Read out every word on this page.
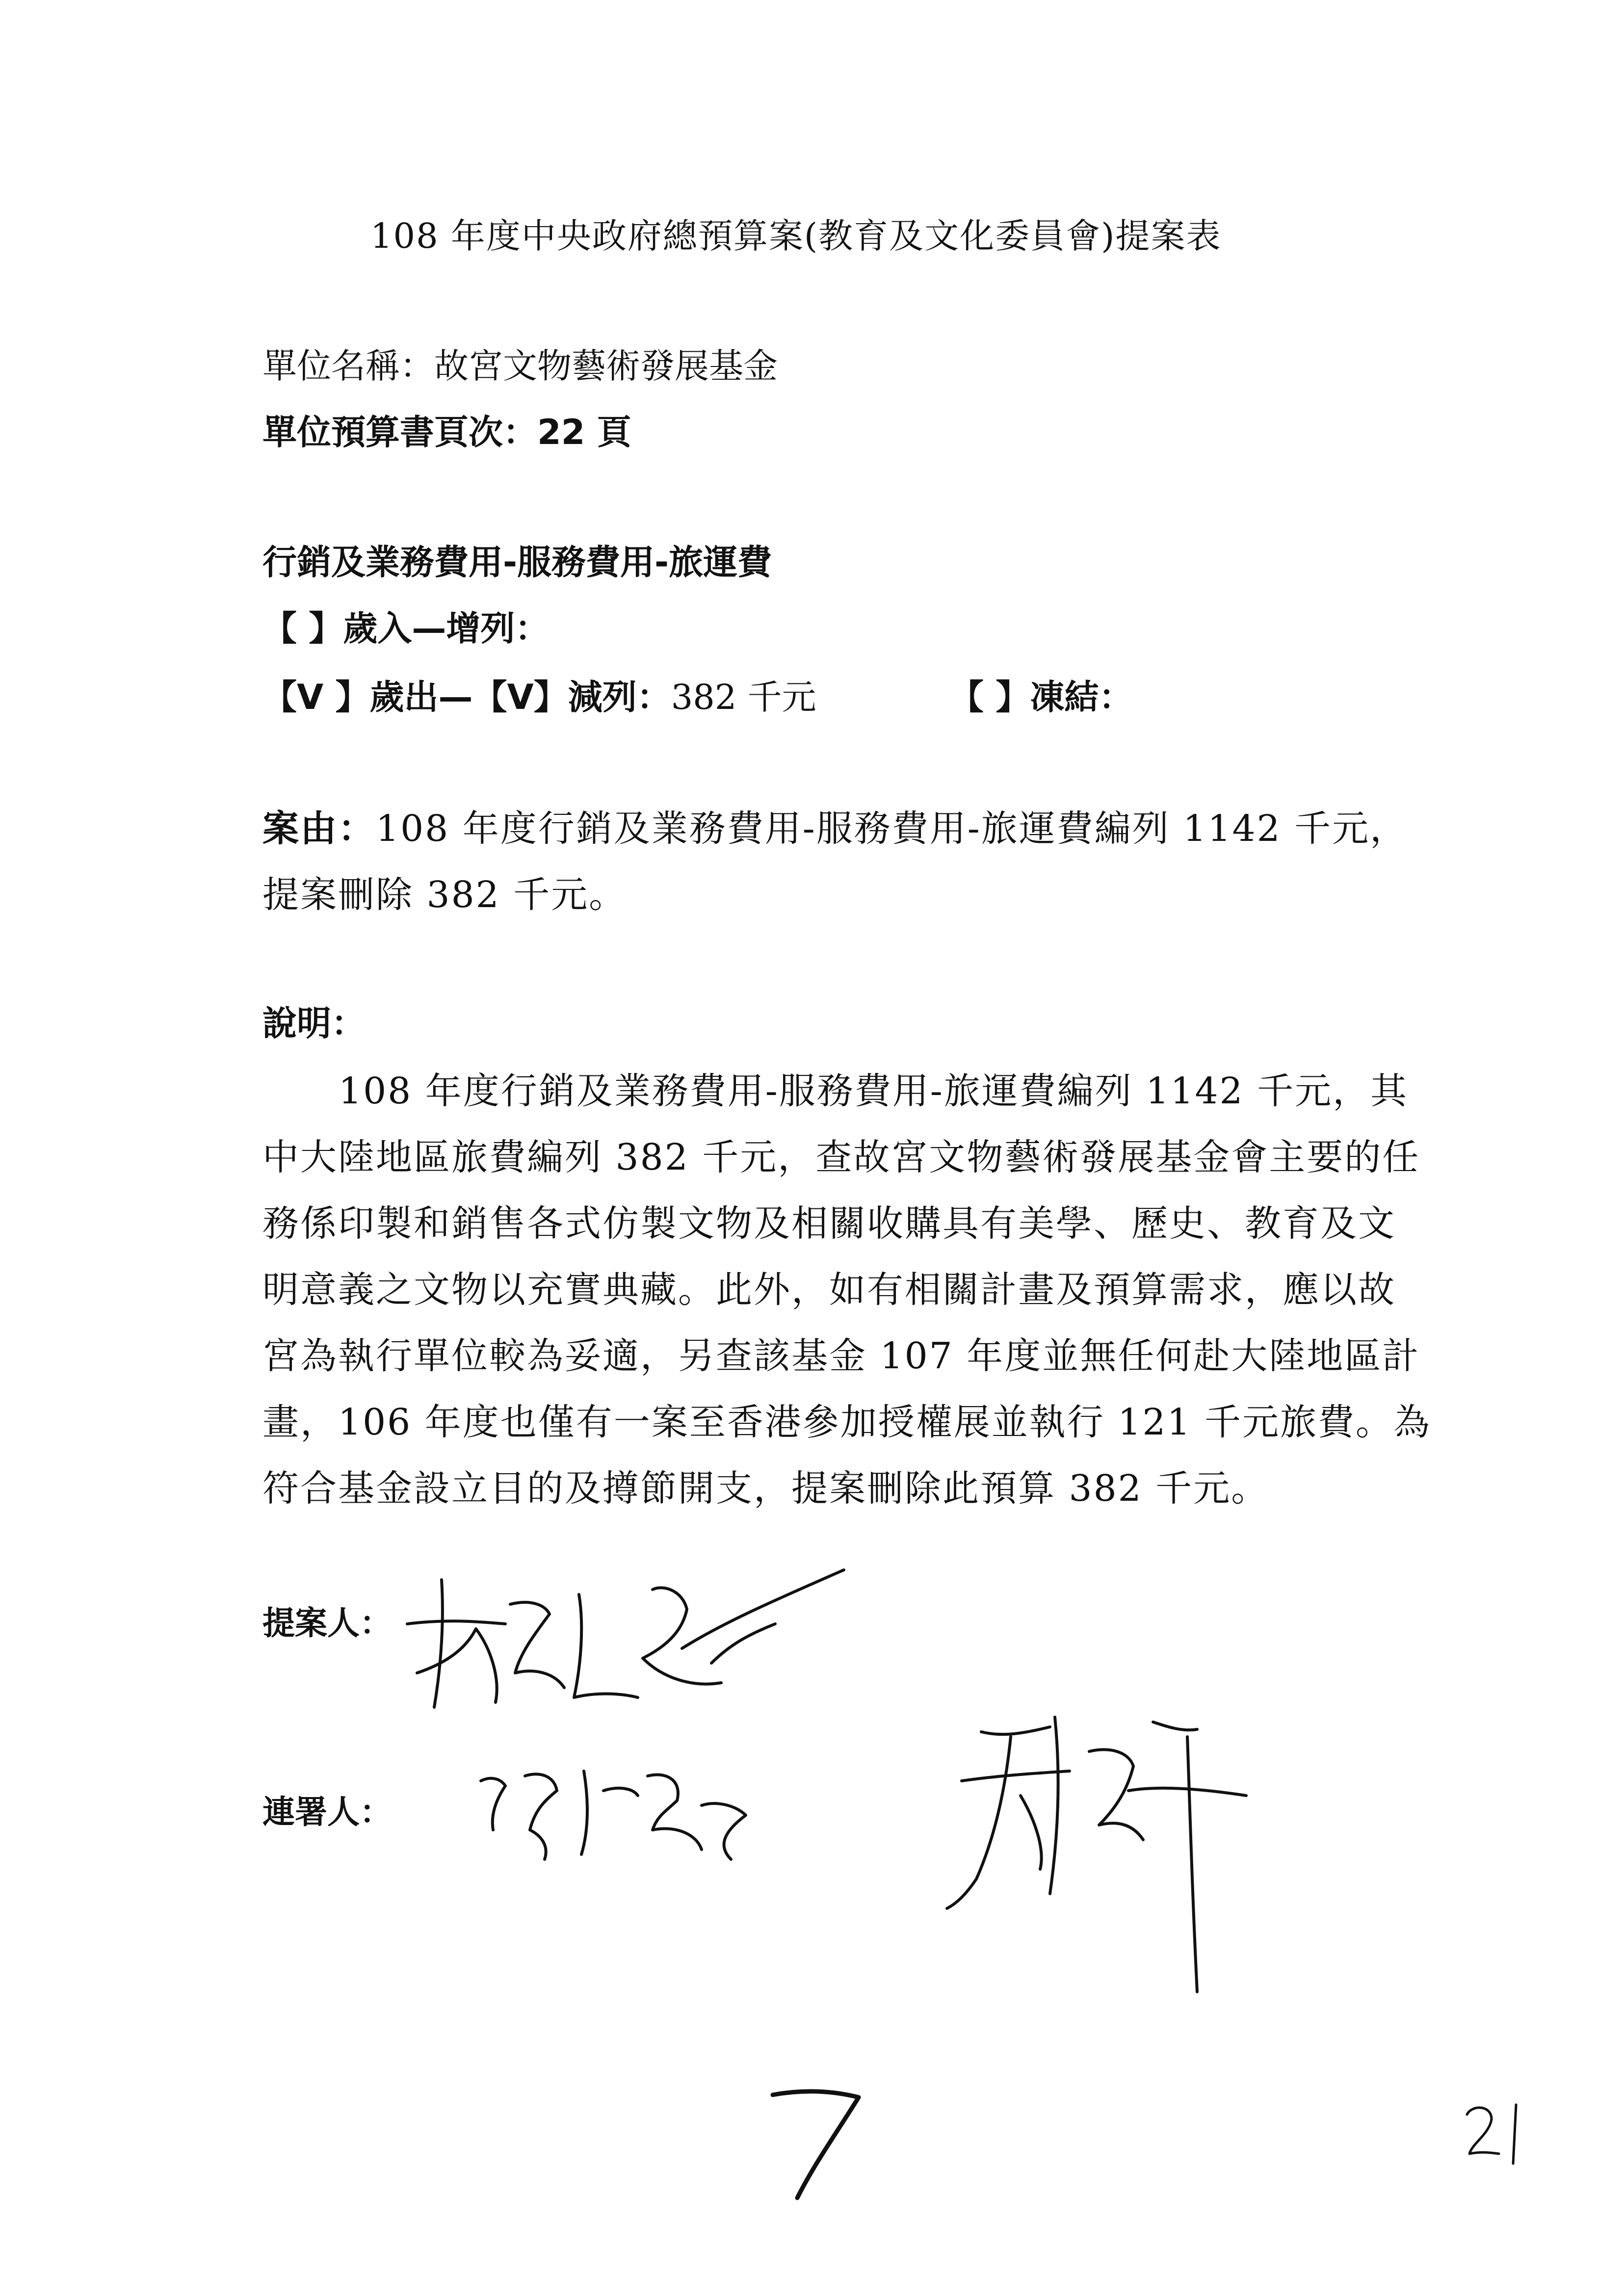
108 年度中央政府總預算案(教育及文化委員會)提案表
單位名稱：故宮文物藝術發展基金
單位預算書頁次：22 頁
行銷及業務費用-服務費用-旅運費
【 】歲入—增列：
【V 】歲出—【V】減列：382 千元	【 】凍結：
案由：108 年度行銷及業務費用-服務費用-旅運費編列 1142 千元，
提案刪除 382 千元。
說明：
108 年度行銷及業務費用-服務費用-旅運費編列 1142 千元，其
中大陸地區旅費編列 382 千元，查故宮文物藝術發展基金會主要的任
務係印製和銷售各式仿製文物及相關收購具有美學、歷史、教育及文
明意義之文物以充實典藏。此外，如有相關計畫及預算需求，應以故
宮為執行單位較為妥適，另查該基金 107 年度並無任何赴大陸地區計
畫，106 年度也僅有一案至香港參加授權展並執行 121 千元旅費。為
符合基金設立目的及撙節開支，提案刪除此預算 382 千元。
提案人：
連署人：
7
21
